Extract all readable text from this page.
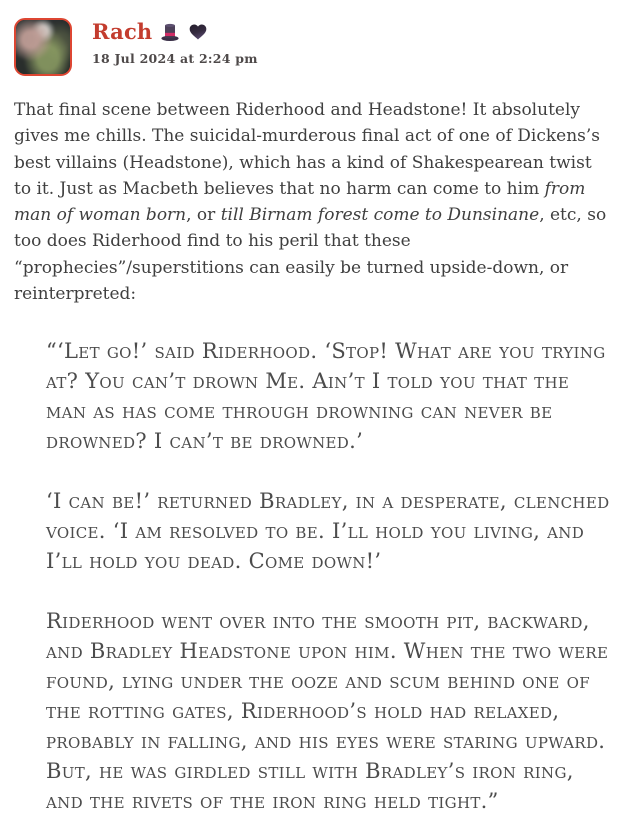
Rach
18 Jul 2024 at 2:24 pm

That final scene between Riderhood and Headstone! It absolutely gives me chills. The suicidal-murderous final act of one of Dickens’s best villains (Headstone), which has a kind of Shakespearean twist to it. Just as Macbeth believes that no harm can come to him from man of woman born, or till Birnam forest come to Dunsinane, etc, so too does Riderhood find to his peril that these “prophecies”/superstitions can easily be turned upside-down, or reinterpreted:

“‘Let go!’ said Riderhood. ‘Stop! What are you trying at? You can’t drown Me. Ain’t I told you that the man as has come through drowning can never be drowned? I can’t be drowned.’

‘I can be!’ returned Bradley, in a desperate, clenched voice. ‘I am resolved to be. I’ll hold you living, and I’ll hold you dead. Come down!’

Riderhood went over into the smooth pit, backward, and Bradley Headstone upon him. When the two were found, lying under the ooze and scum behind one of the rotting gates, Riderhood’s hold had relaxed, probably in falling, and his eyes were staring upward. But, he was girdled still with Bradley’s iron ring, and the rivets of the iron ring held tight.”
